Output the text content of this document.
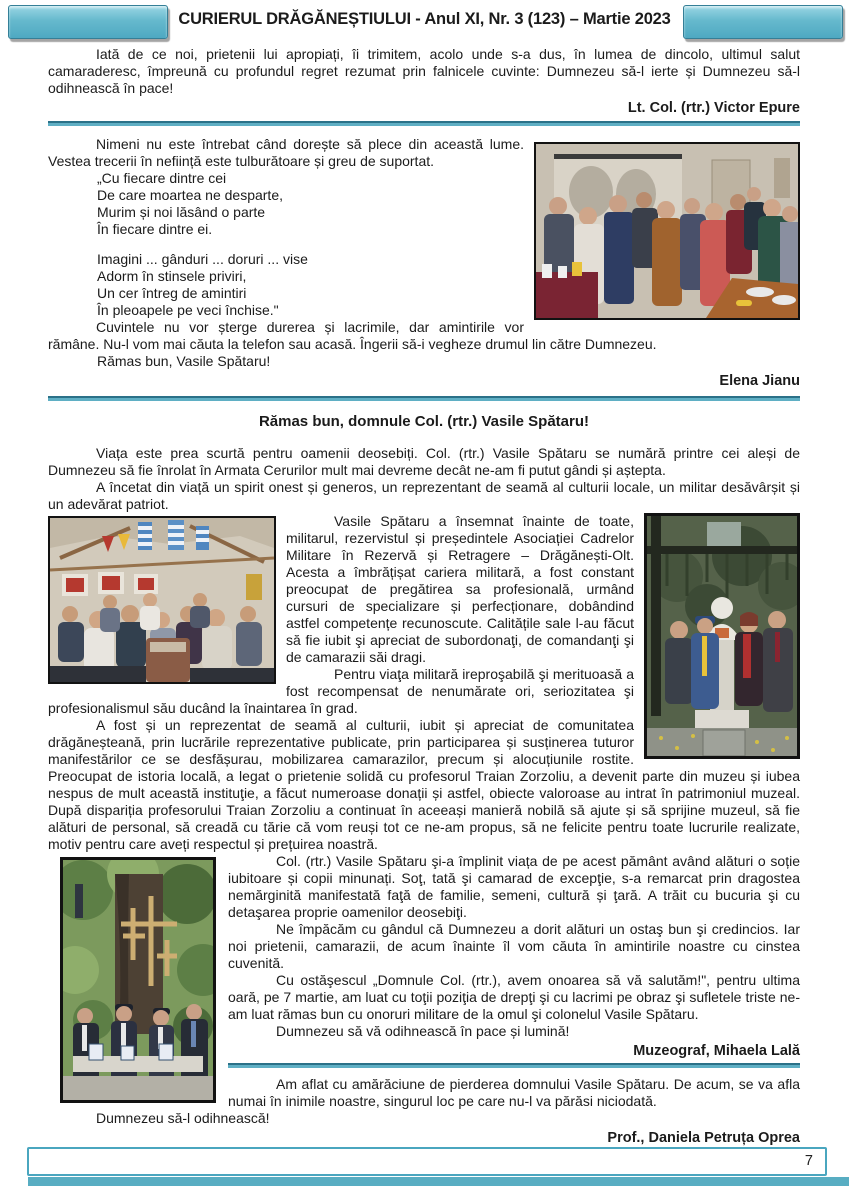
CURIERUL DRĂGĂNEȘTIULUI - Anul XI, Nr. 3 (123) – Martie 2023

Iată de ce noi, prietenii lui apropiați, îi trimitem, acolo unde s-a dus, în lumea de dincolo, ultimul salut camaraderesc, împreună cu profundul regret rezumat prin falnicele cuvinte: Dumnezeu să-l ierte și Dumnezeu să-l odihnească în pace!

Lt. Col. (rtr.) Victor Epure

Nimeni nu este întrebat când dorește să plece din această lume. Vestea trecerii în neființă este tulburătoare și greu de suportat.

„Cu fiecare dintre cei
De care moartea ne desparte,
Murim și noi lăsând o parte
În fiecare dintre ei.
Imagini ... gânduri ... doruri ... vise
Adorm în stinsele priviri,
Un cer întreg de amintiri
În pleoapele pe veci închise."

Cuvintele nu vor șterge durerea și lacrimile, dar amintirile vor rămâne. Nu-l vom mai căuta la telefon sau acasă. Îngerii să-i vegheze drumul lin către Dumnezeu.

Rămas bun, Vasile Spătaru!

Elena Jianu
Rămas bun, domnule Col. (rtr.) Vasile Spătaru!

Viața este prea scurtă pentru oamenii deosebiți. Col. (rtr.) Vasile Spătaru se numără printre cei aleși de Dumnezeu să fie înrolat în Armata Cerurilor mult mai devreme decât ne-am fi putut gândi și aștepta.

A încetat din viață un spirit onest și generos, un reprezentant de seamă al culturii locale, un militar desăvârșit și un adevărat patriot.

Vasile Spătaru a însemnat înainte de toate, militarul, rezervistul și președintele Asociației Cadrelor Militare în Rezervă și Retragere – Drăgănești-Olt. Acesta a îmbrățișat cariera militară, a fost constant preocupat de pregătirea sa profesională, urmând cursuri de specializare și perfecționare, dobândind astfel competențe recunoscute. Calitățile sale l-au făcut să fie iubit şi apreciat de subordonaţi, de comandanţi şi de camarazii săi dragi.

Pentru viaţa militară ireproşabilă şi merituoasă a fost recompensat de nenumărate ori, seriozitatea şi profesionalismul său ducând la înaintarea în grad.

A fost și un reprezentat de seamă al culturii, iubit și apreciat de comunitatea drăgăneșteană, prin lucrările reprezentative publicate, prin participarea și susținerea tuturor manifestărilor ce se desfășurau, mobilizarea camarazilor, precum și alocuțiunile rostite. Preocupat de istoria locală, a legat o prietenie solidă cu profesorul Traian Zorzoliu, a devenit parte din muzeu și iubea nespus de mult această instituţie, a făcut numeroase donații și astfel, obiecte valoroase au intrat în patrimoniul muzeal. După dispariția profesorului Traian Zorzoliu a continuat în aceeași manieră nobilă să ajute și să sprijine muzeul, să fie alături de personal, să creadă cu tărie că vom reuși tot ce ne-am propus, să ne felicite pentru toate lucrurile realizate, motiv pentru care aveți respectul și prețuirea noastră.

Col. (rtr.) Vasile Spătaru şi-a împlinit viața de pe acest pământ având alături o soție iubitoare și copii minunați. Soţ, tată şi camarad de excepţie, s-a remarcat prin dragostea nemărginită manifestată faţă de familie, semeni, cultură și ţară. A trăit cu bucuria şi cu detaşarea proprie oamenilor deosebiţi.

Ne împăcăm cu gândul că Dumnezeu a dorit alături un ostaş bun şi credincios. Iar noi prietenii, camarazii, de acum înainte îl vom căuta în amintirile noastre cu cinstea cuvenită.

Cu ostăşescul „Domnule Col. (rtr.), avem onoarea să vă salutăm!", pentru ultima oară, pe 7 martie, am luat cu toţii poziţia de drepţi şi cu lacrimi pe obraz şi sufletele triste ne-am luat rămas bun cu onoruri militare de la omul şi colonelul Vasile Spătaru.

Dumnezeu să vă odihnească în pace și lumină!

Muzeograf, Mihaela Lală

Am aflat cu amărăciune de pierderea domnului Vasile Spătaru. De acum, se va afla numai în inimile noastre, singurul loc pe care nu-l va părăsi niciodată.

Dumnezeu să-l odihnească!

Prof., Daniela Petruța Oprea
7
